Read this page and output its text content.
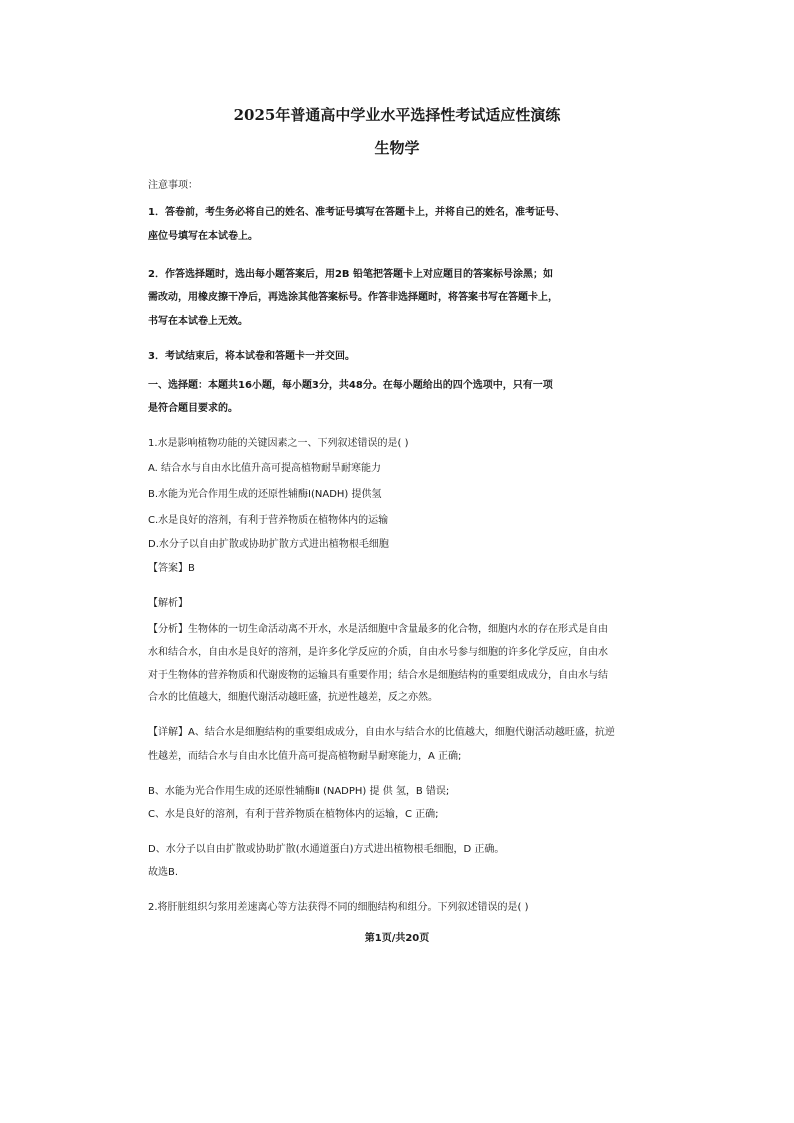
2025年普通高中学业水平选择性考试适应性演练
生物学
注意事项：
1．答卷前，考生务必将自己的姓名、准考证号填写在答题卡上，并将自己的姓名，准考证号、
座位号填写在本试卷上。
2．作答选择题时，选出每小题答案后，用2B 铅笔把答题卡上对应题目的答案标号涂黑；如
需改动，用橡皮擦干净后，再选涂其他答案标号。作答非选择题时，将答案书写在答题卡上，
书写在本试卷上无效。
3．考试结束后，将本试卷和答题卡一并交回。
一、选择题：本题共16小题，每小题3分，共48分。在每小题给出的四个选项中，只有一项
是符合题目要求的。
1.水是影响植物功能的关键因素之一、下列叙述错误的是( )
A. 结合水与自由水比值升高可提高植物耐旱耐寒能力
B.水能为光合作用生成的还原性辅酶I(NADH) 提供氢
C.水是良好的溶剂，有利于营养物质在植物体内的运输
D.水分子以自由扩散或协助扩散方式进出植物根毛细胞
【答案】B
【解析】
【分析】生物体的一切生命活动离不开水，水是活细胞中含量最多的化合物，细胞内水的存在形式是自由
水和结合水，自由水是良好的溶剂，是许多化学反应的介质，自由水号参与细胞的许多化学反应，自由水
对于生物体的营养物质和代谢废物的运输具有重要作用；结合水是细胞结构的重要组成成分，自由水与结
合水的比值越大，细胞代谢活动越旺盛，抗逆性越差，反之亦然。
【详解】A、结合水是细胞结构的重要组成成分，自由水与结合水的比值越大，细胞代谢活动越旺盛，抗逆
性越差，而结合水与自由水比值升高可提高植物耐旱耐寒能力，A 正确;
B、水能为光合作用生成的还原性辅酶Ⅱ (NADPH) 提 供 氢，B 错误;
C、水是良好的溶剂，有利于营养物质在植物体内的运输，C 正确;
D、水分子以自由扩散或协助扩散(水通道蛋白)方式进出植物根毛细胞，D 正确。
故选B.
2.将肝脏组织匀浆用差速离心等方法获得不同的细胞结构和组分。下列叙述错误的是( )
第1页/共20页
